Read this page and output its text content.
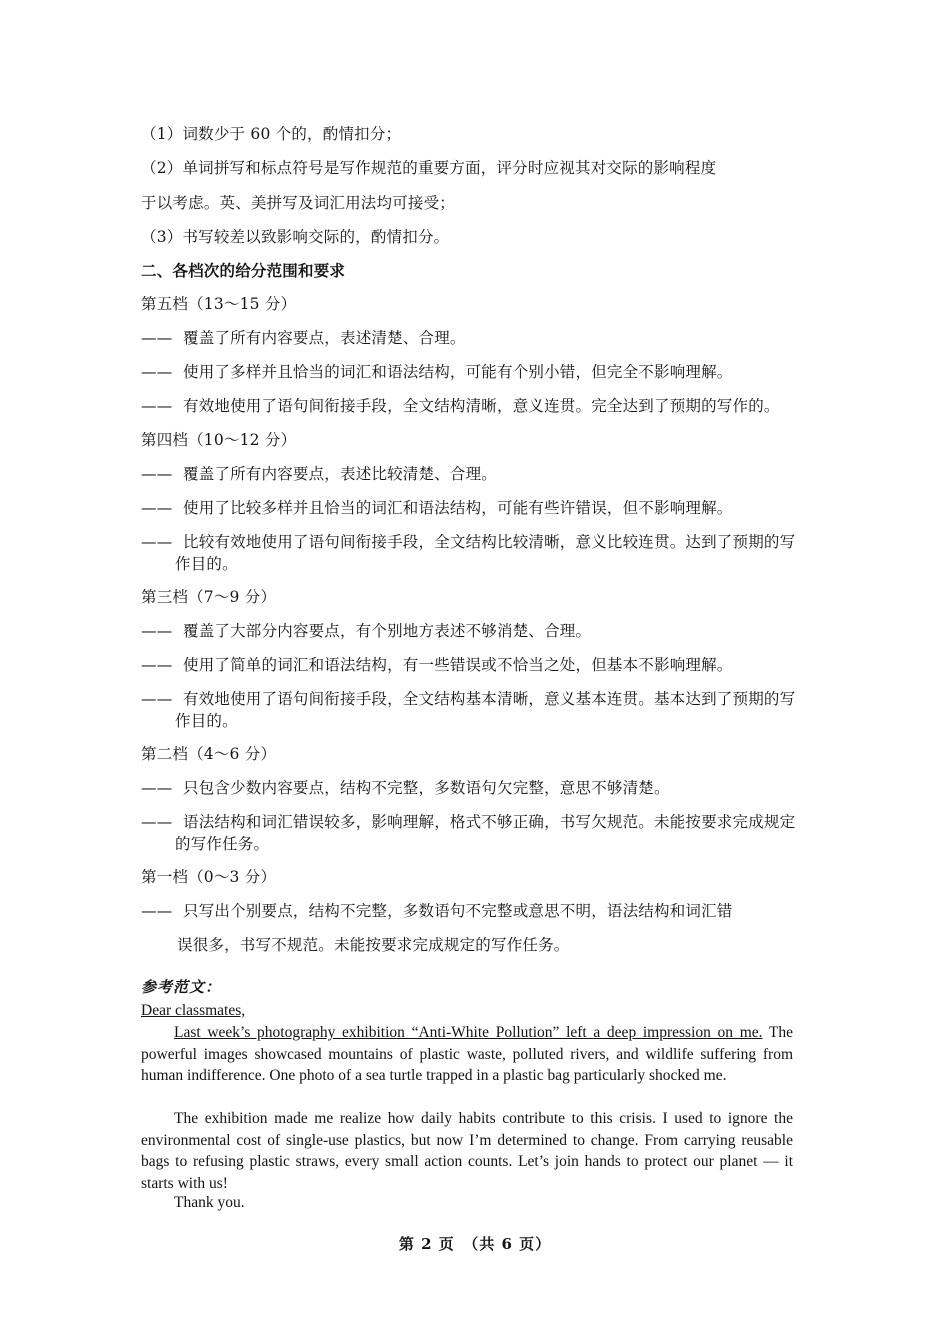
（1）词数少于 60 个的，酌情扣分；
（2）单词拼写和标点符号是写作规范的重要方面，评分时应视其对交际的影响程度
于以考虑。英、美拼写及词汇用法均可接受；
（3）书写较差以致影响交际的，酌情扣分。
二、各档次的给分范围和要求
第五档（13～15 分）
—— 覆盖了所有内容要点，表述清楚、合理。
—— 使用了多样并且恰当的词汇和语法结构，可能有个别小错，但完全不影响理解。
—— 有效地使用了语句间衔接手段，全文结构清晰，意义连贯。完全达到了预期的写作的。
第四档（10～12 分）
—— 覆盖了所有内容要点，表述比较清楚、合理。
—— 使用了比较多样并且恰当的词汇和语法结构，可能有些许错误，但不影响理解。
—— 比较有效地使用了语句间衔接手段，全文结构比较清晰，意义比较连贯。达到了预期的写作目的。
第三档（7～9 分）
—— 覆盖了大部分内容要点，有个别地方表述不够消楚、合理。
—— 使用了简单的词汇和语法结构，有一些错误或不恰当之处，但基本不影响理解。
—— 有效地使用了语句间衔接手段，全文结构基本清晰，意义基本连贯。基本达到了预期的写作目的。
第二档（4～6 分）
—— 只包含少数内容要点，结构不完整，多数语句欠完整，意思不够清楚。
—— 语法结构和词汇错误较多，影响理解，格式不够正确，书写欠规范。未能按要求完成规定的写作任务。
第一档（0～3 分）
—— 只写出个别要点，结构不完整，多数语句不完整或意思不明，语法结构和词汇错
误很多，书写不规范。未能按要求完成规定的写作任务。
参考范文：
Dear classmates,

Last week’s photography exhibition “Anti-White Pollution” left a deep impression on me. The powerful images showcased mountains of plastic waste, polluted rivers, and wildlife suffering from human indifference. One photo of a sea turtle trapped in a plastic bag particularly shocked me.

The exhibition made me realize how daily habits contribute to this crisis. I used to ignore the environmental cost of single-use plastics, but now I’m determined to change. From carrying reusable bags to refusing plastic straws, every small action counts. Let’s join hands to protect our planet — it starts with us!

Thank you.
第 2 页　（共 6 页）
